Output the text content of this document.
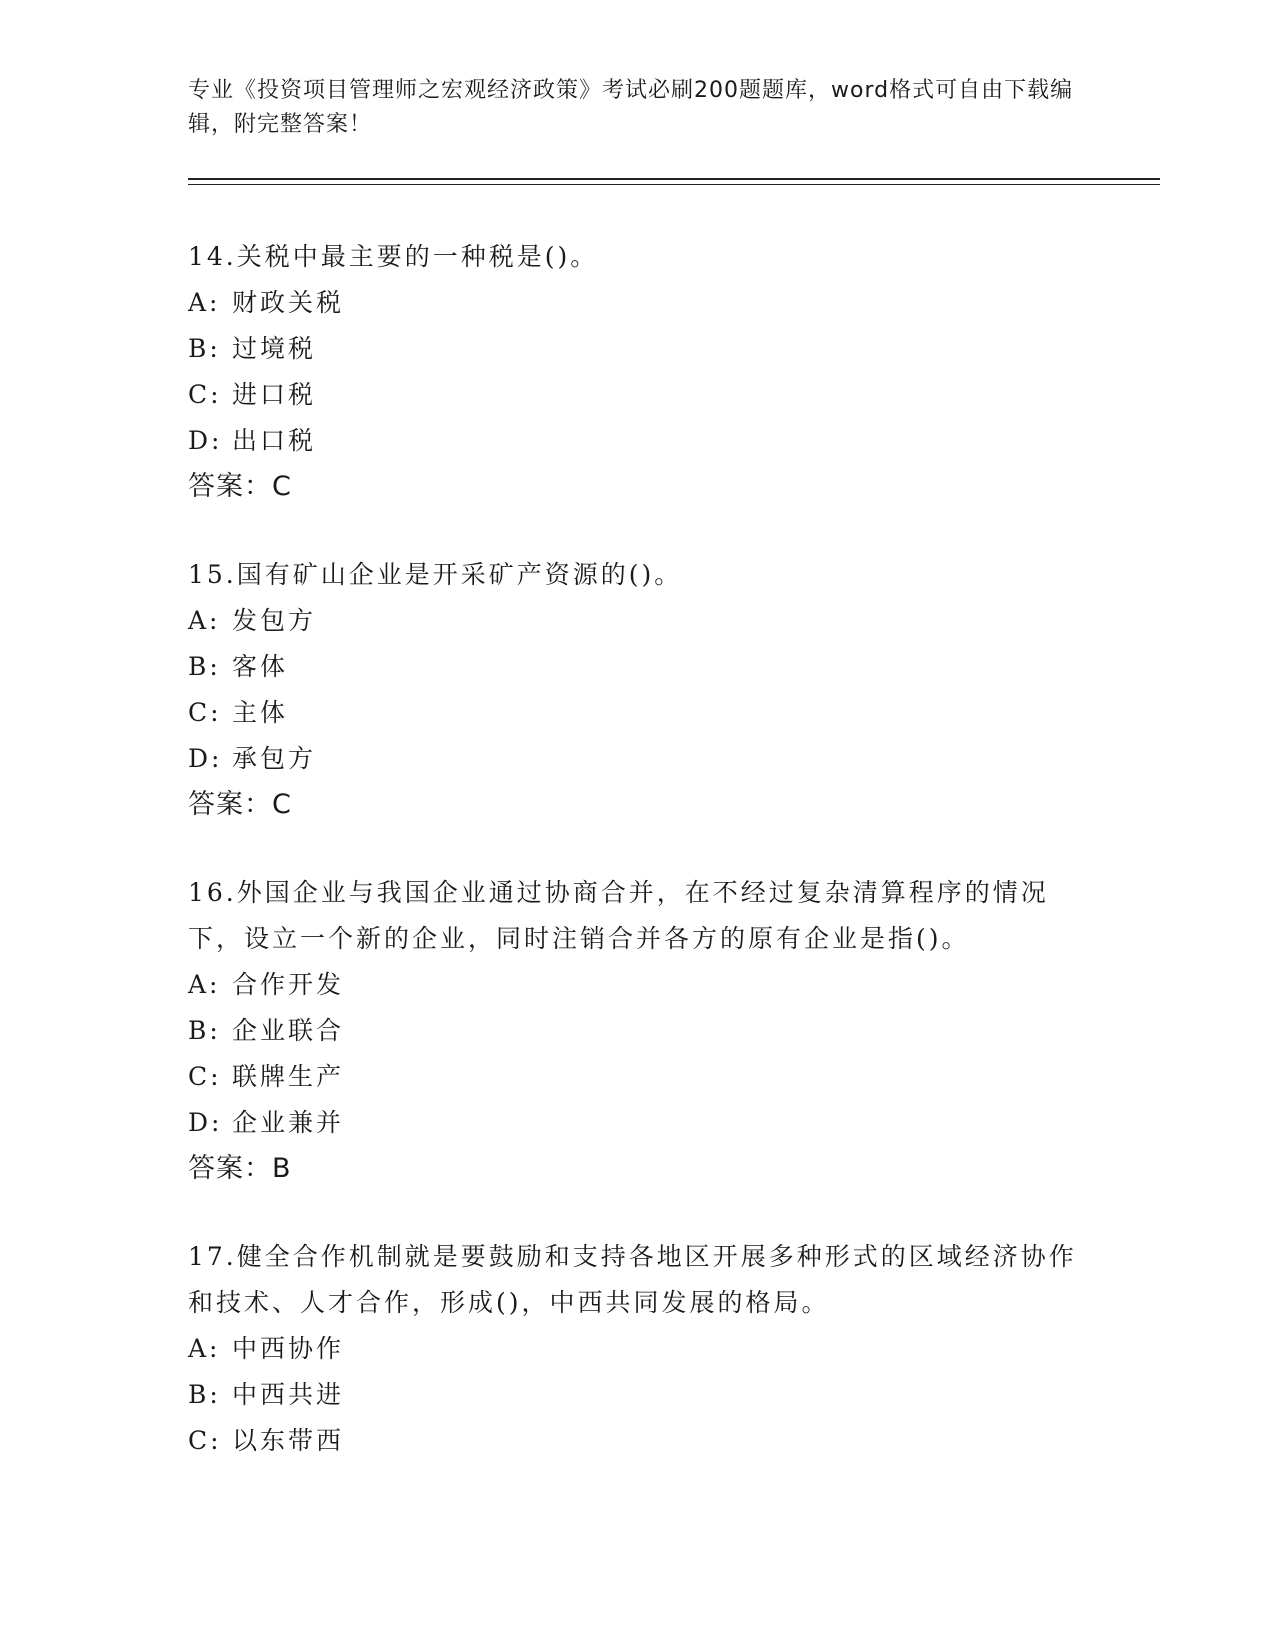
专业《投资项目管理师之宏观经济政策》考试必刷200题题库，word格式可自由下载编辑，附完整答案！

14.关税中最主要的一种税是()。

A: 财政关税

B: 过境税

C: 进口税

D: 出口税

答案：C

15.国有矿山企业是开采矿产资源的()。

A: 发包方

B: 客体

C: 主体

D: 承包方

答案：C

16.外国企业与我国企业通过协商合并，在不经过复杂清算程序的情况下，设立一个新的企业，同时注销合并各方的原有企业是指()。

A: 合作开发

B: 企业联合

C: 联牌生产

D: 企业兼并

答案：B

17.健全合作机制就是要鼓励和支持各地区开展多种形式的区域经济协作和技术、人才合作，形成()，中西共同发展的格局。

A: 中西协作

B: 中西共进

C: 以东带西
